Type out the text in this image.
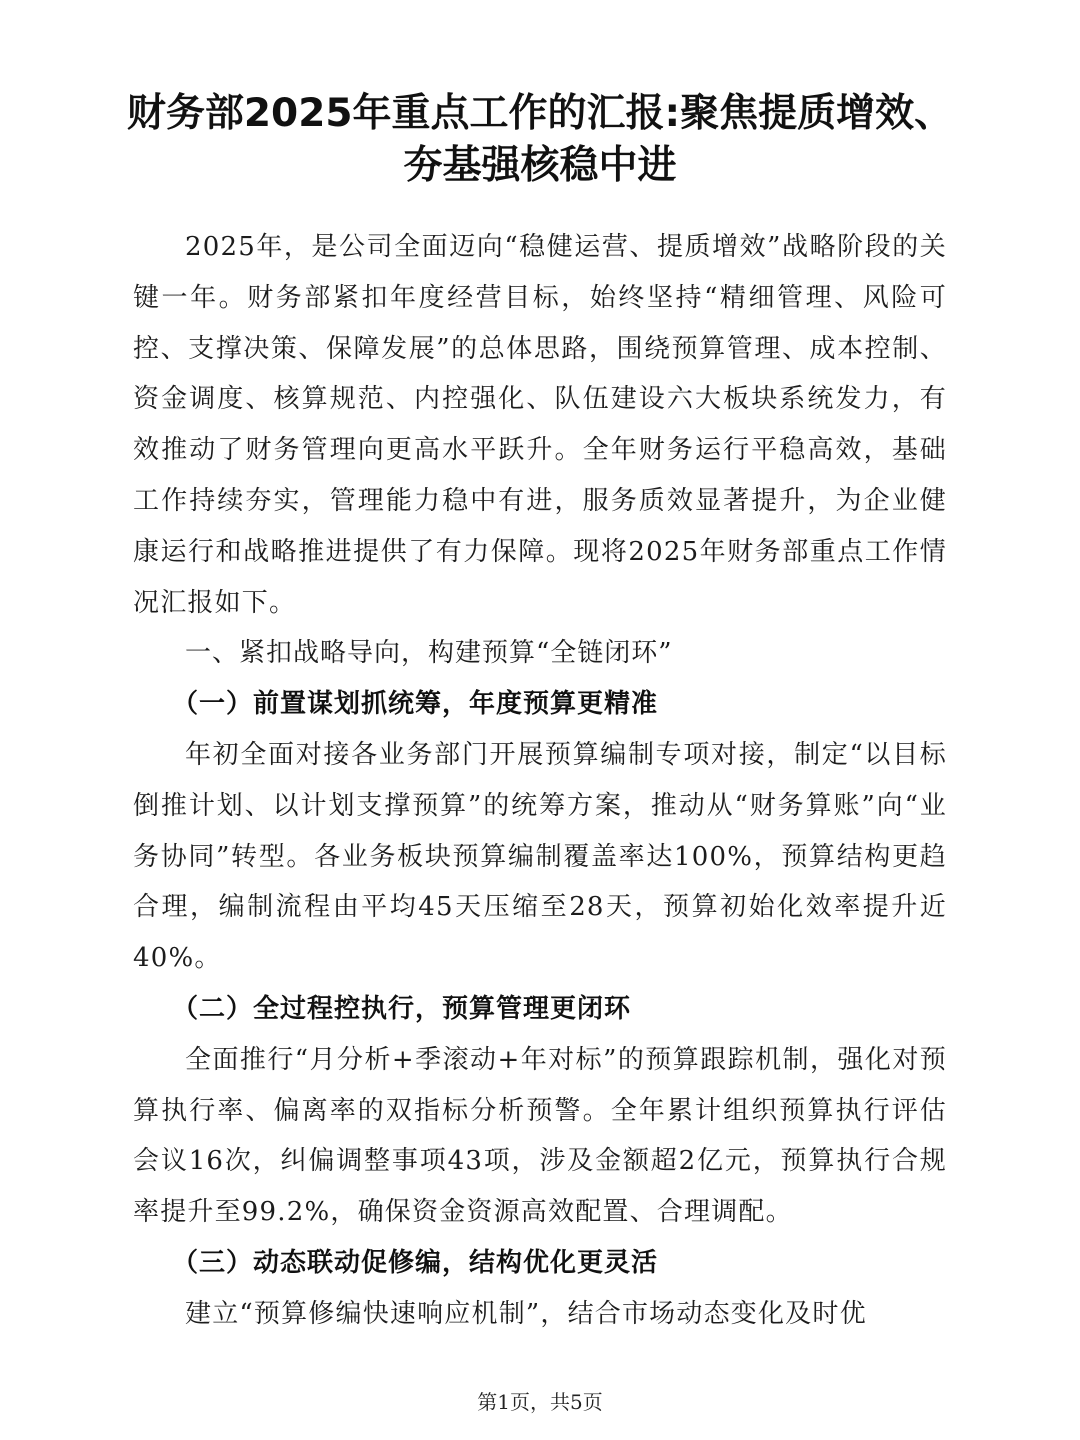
财务部2025年重点工作的汇报:聚焦提质增效、
夯基强核稳中进

2025年，是公司全面迈向“稳健运营、提质增效”战略阶段的关键一年。财务部紧扣年度经营目标，始终坚持“精细管理、风险可控、支撑决策、保障发展”的总体思路，围绕预算管理、成本控制、资金调度、核算规范、内控强化、队伍建设六大板块系统发力，有效推动了财务管理向更高水平跃升。全年财务运行平稳高效，基础工作持续夯实，管理能力稳中有进，服务质效显著提升，为企业健康运行和战略推进提供了有力保障。现将2025年财务部重点工作情况汇报如下。

一、紧扣战略导向，构建预算“全链闭环”

（一）前置谋划抓统筹，年度预算更精准

年初全面对接各业务部门开展预算编制专项对接，制定“以目标倒推计划、以计划支撑预算”的统筹方案，推动从“财务算账”向“业务协同”转型。各业务板块预算编制覆盖率达100%，预算结构更趋合理，编制流程由平均45天压缩至28天，预算初始化效率提升近40%。

（二）全过程控执行，预算管理更闭环

全面推行“月分析+季滚动+年对标”的预算跟踪机制，强化对预算执行率、偏离率的双指标分析预警。全年累计组织预算执行评估会议16次，纠偏调整事项43项，涉及金额超2亿元，预算执行合规率提升至99.2%，确保资金资源高效配置、合理调配。

（三）动态联动促修编，结构优化更灵活

建立“预算修编快速响应机制”，结合市场动态变化及时优

第1页，共5页
